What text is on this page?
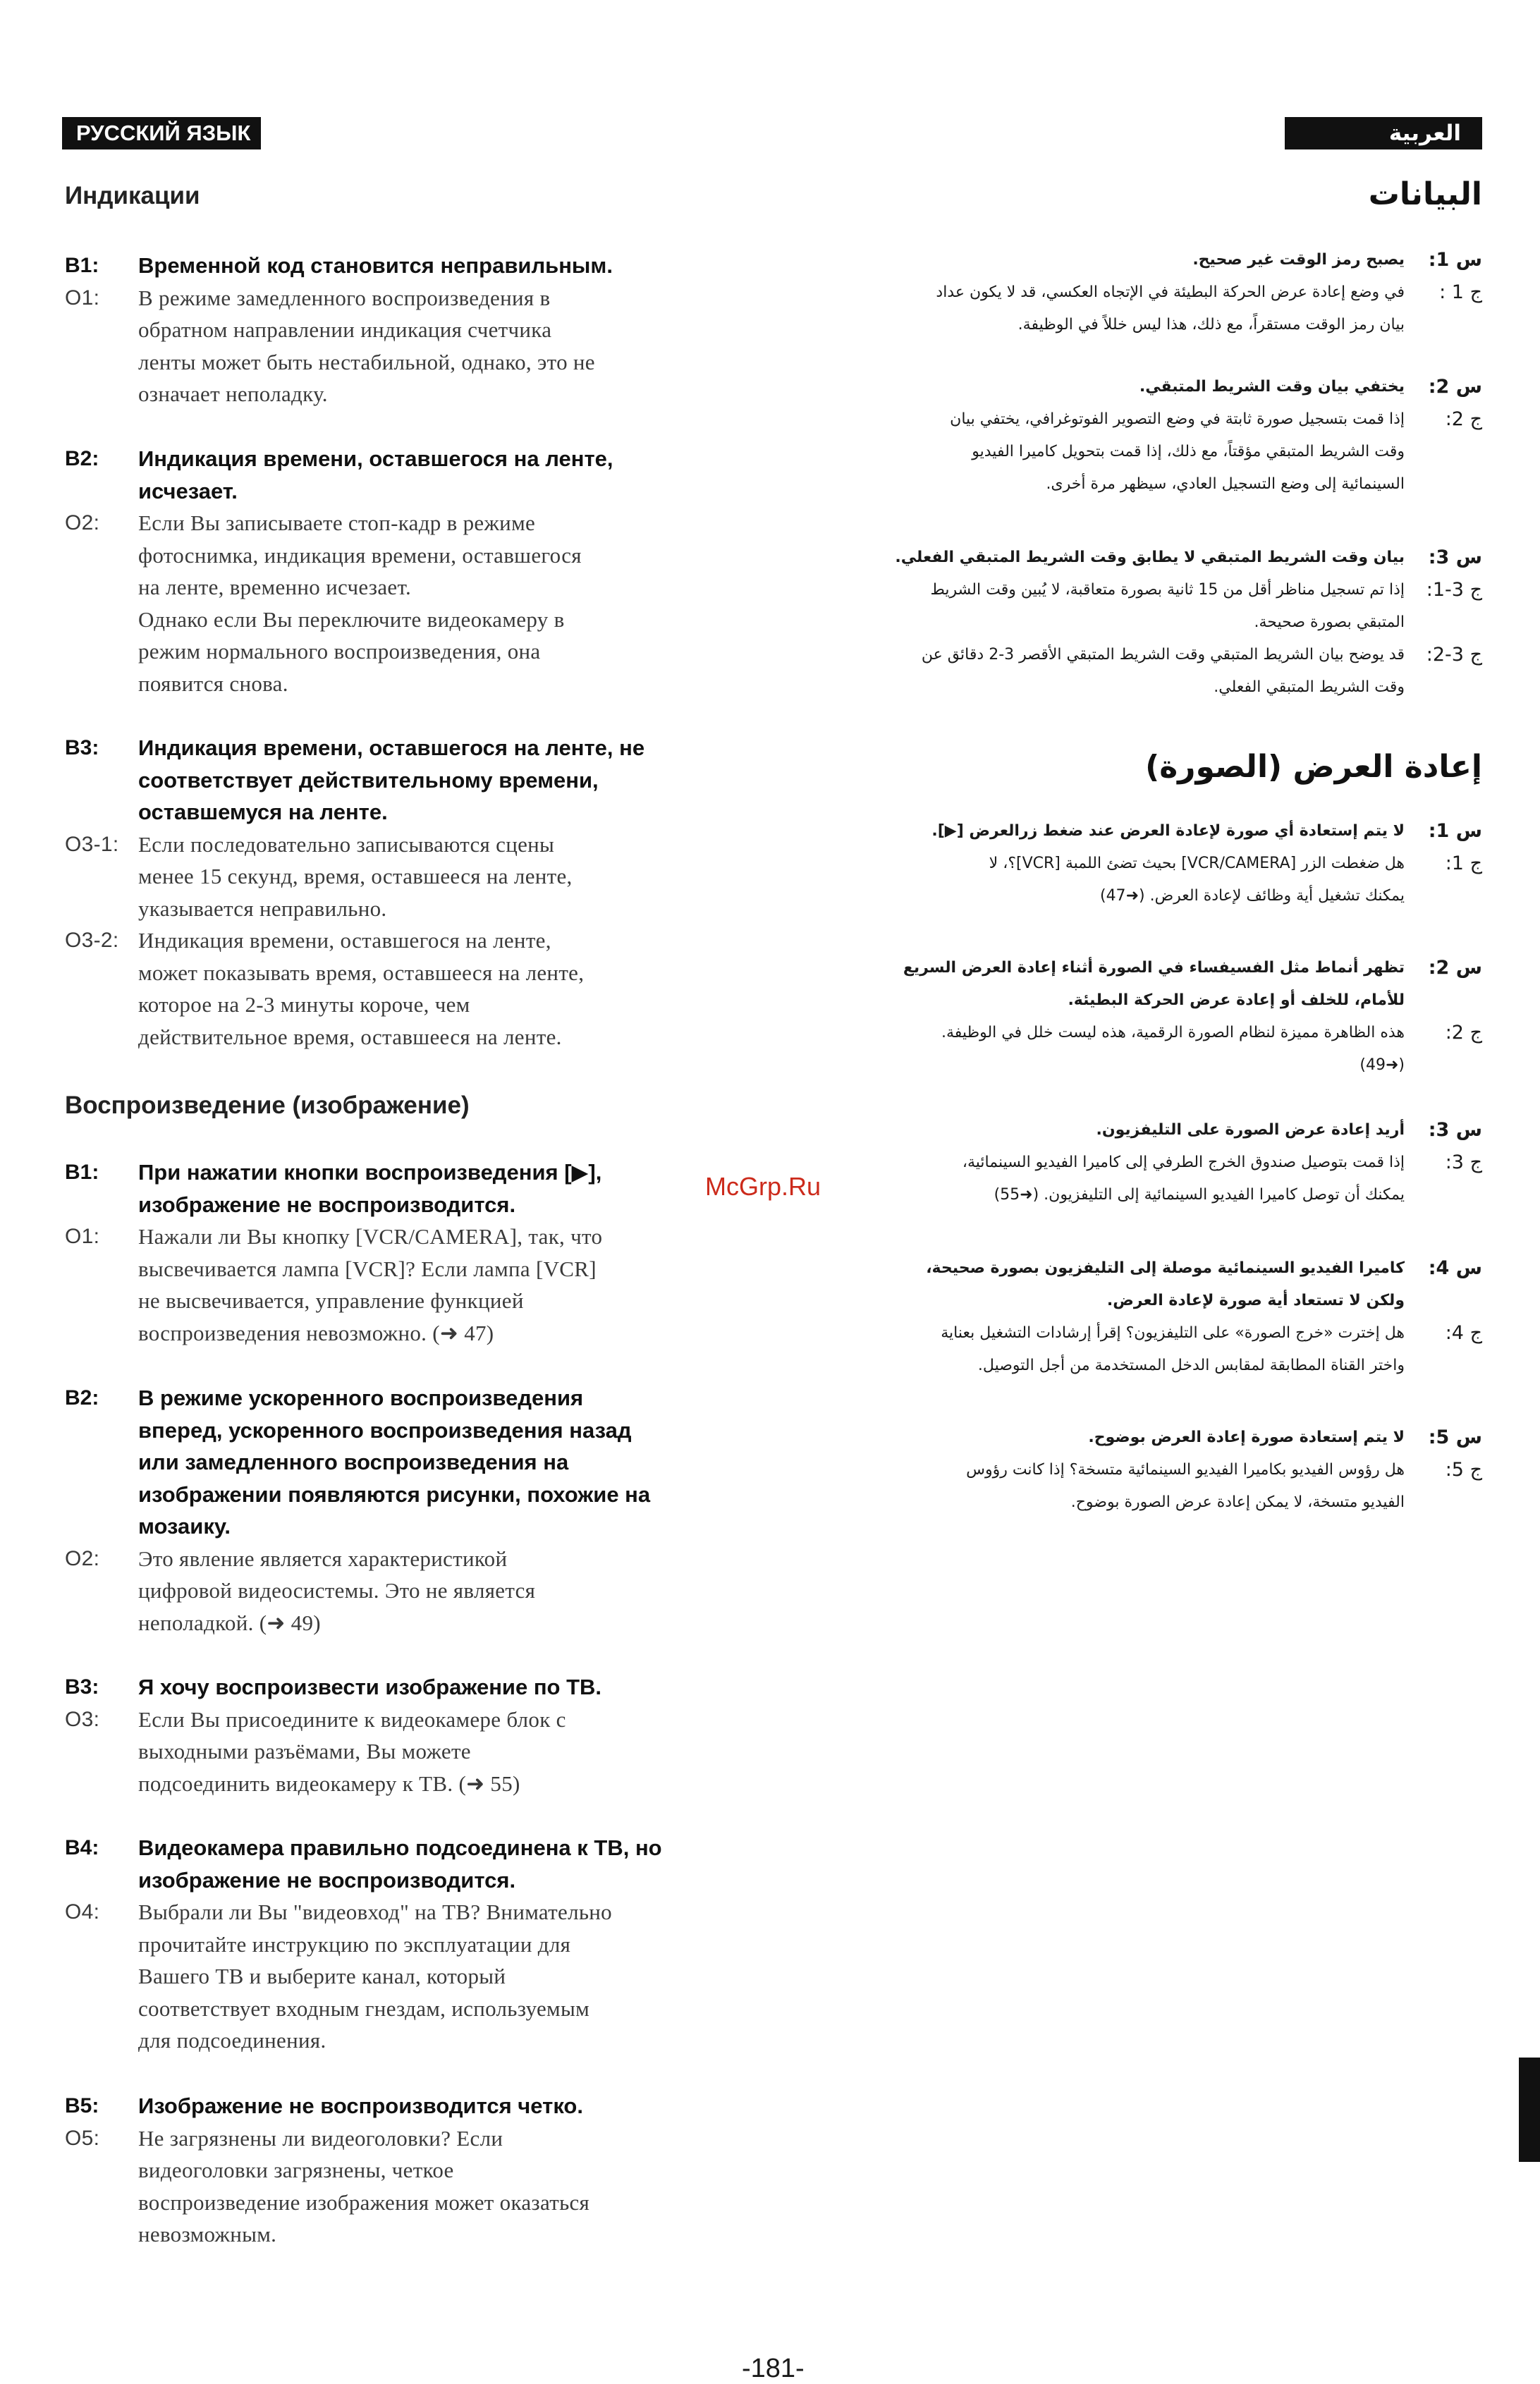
РУССКИЙ ЯЗЫК	العربية
Индикации
B1:	Временной код становится неправильным.
O1:	В режиме замедленного воспроизведения в
обратном направлении индикация счетчика
ленты может быть нестабильной, однако, это не
означает неполадку.
B2:	Индикация времени, оставшегося на ленте,
исчезает.
O2:	Если Вы записываете стоп-кадр в режиме
фотоснимка, индикация времени, оставшегося
на ленте, временно исчезает.
Однако если Вы переключите видеокамеру в
режим нормального воспроизведения, она
появится снова.
B3:	Индикация времени, оставшегося на ленте, не
соответствует действительному времени,
оставшемуся на ленте.
O3-1: Если последовательно записываются сцены
менее 15 секунд, время, оставшееся на ленте,
указывается неправильно.
O3-2: Индикация времени, оставшегося на ленте,
может показывать время, оставшееся на ленте,
которое на 2-3 минуты короче, чем
действительное время, оставшееся на ленте.
Воспроизведение (изображение)
B1:	При нажатии кнопки воспроизведения [▶],
изображение не воспроизводится.
O1:	Нажали ли Вы кнопку [VCR/CAMERA], так, что
высвечивается лампа [VCR]? Если лампа [VCR]
не высвечивается, управление функцией
воспроизведения невозможно. (➜ 47)
B2:	В режиме ускоренного воспроизведения
вперед, ускоренного воспроизведения назад
или замедленного воспроизведения на
изображении появляются рисунки, похожие на
мозаику.
O2:	Это явление является характеристикой
цифровой видеосистемы. Это не является
неполадкой. (➜ 49)
B3:	Я хочу воспроизвести изображение по ТВ.
O3:	Если Вы присоедините к видеокамере блок с
выходными разъёмами, Вы можете
подсоединить видеокамеру к ТВ. (➜ 55)
B4:	Видеокамера правильно подсоединена к ТВ, но
изображение не воспроизводится.
O4:	Выбрали ли Вы "видеовход" на ТВ? Внимательно
прочитайте инструкцию по эксплуатации для
Вашего ТВ и выберите канал, который
соответствует входным гнездам, используемым
для подсоединения.
B5:	Изображение не воспроизводится четко.
O5:	Не загрязнены ли видеоголовки? Если
видеоголовки загрязнены, четкое
воспроизведение изображения может оказаться
невозможным.
البيانات
س 1:
يصبح رمز الوقت غير صحيح.
ج 1 :
في وضع إعادة عرض الحركة البطيئة في الإتجاه العكسي، قد لا يكون عداد
بيان رمز الوقت مستقراً، مع ذلك، هذا ليس خللاً في الوظيفة.
س 2:
يختفي بيان وقت الشريط المتبقي.
ج 2:
إذا قمت بتسجيل صورة ثابتة في وضع التصوير الفوتوغرافي، يختفي بيان
وقت الشريط المتبقي مؤقتاً، مع ذلك، إذا قمت بتحويل كاميرا الفيديو
السينمائية إلى وضع التسجيل العادي، سيظهر مرة أخرى.
س 3:
بيان وقت الشريط المتبقي لا يطابق وقت الشريط المتبقي الفعلي.
ج 3-1:
إذا تم تسجيل مناظر أقل من 15 ثانية بصورة متعاقبة، لا يُبين وقت الشريط
المتبقي بصورة صحيحة.
ج 3-2:
قد يوضح بيان الشريط المتبقي وقت الشريط المتبقي الأقصر 3-2 دقائق عن
وقت الشريط المتبقي الفعلي.
إعادة العرض (الصورة)
س 1:
لا يتم إستعادة أي صورة لإعادة العرض عند ضغط زرالعرض [▶].
ج 1:
هل ضغطت الزر [VCR/CAMERA] بحيث تضئ اللمبة [VCR]؟، لا
يمكنك تشغيل أية وظائف لإعادة العرض. (➜47)
س 2:
تظهر أنماط مثل الفسيفساء في الصورة أثناء إعادة العرض السريع
للأمام، للخلف أو إعادة عرض الحركة البطيئة.
ج 2:
هذه الظاهرة مميزة لنظام الصورة الرقمية، هذه ليست خلل في الوظيفة.
(➜49)
س 3:
أريد إعادة عرض الصورة على التليفزيون.
ج 3:
إذا قمت بتوصيل صندوق الخرج الطرفي إلى كاميرا الفيديو السينمائية،
يمكنك أن توصل كاميرا الفيديو السينمائية إلى التليفزيون. (➜55)
س 4:
كاميرا الفيديو السينمائية موصلة إلى التليفزيون بصورة صحيحة،
ولكن لا تستعاد أية صورة لإعادة العرض.
ج 4:
هل إخترت «خرج الصورة» على التليفزيون؟ إقرأ إرشادات التشغيل بعناية
واختر القناة المطابقة لمقابس الدخل المستخدمة من أجل التوصيل.
س 5:
لا يتم إستعادة صورة إعادة العرض بوضوح.
ج 5:
هل رؤوس الفيديو بكاميرا الفيديو السينمائية متسخة؟ إذا كانت رؤوس
الفيديو متسخة، لا يمكن إعادة عرض الصورة بوضوح.
McGrp.Ru
-181-
